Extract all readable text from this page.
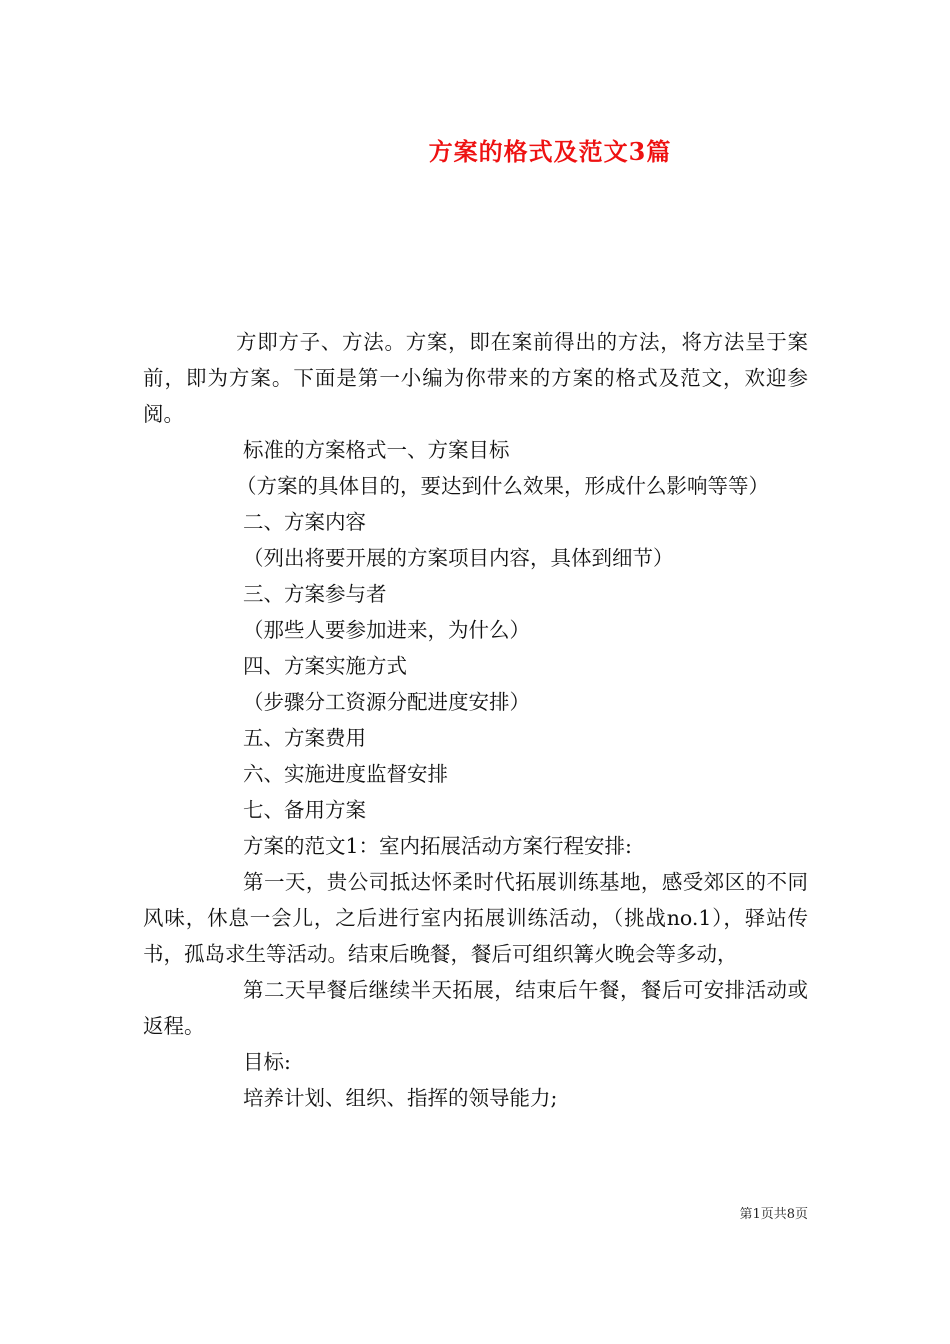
方案的格式及范文3篇

方即方子、方法。方案，即在案前得出的方法，将方法呈于案前，即为方案。下面是第一小编为你带来的方案的格式及范文，欢迎参阅。

标准的方案格式一、方案目标

（方案的具体目的，要达到什么效果，形成什么影响等等）

二、方案内容

（列出将要开展的方案项目内容，具体到细节）

三、方案参与者

（那些人要参加进来，为什么）

四、方案实施方式

（步骤分工资源分配进度安排）

五、方案费用

六、实施进度监督安排

七、备用方案

方案的范文1：室内拓展活动方案行程安排:

第一天，贵公司抵达怀柔时代拓展训练基地，感受郊区的不同风味，休息一会儿，之后进行室内拓展训练活动，（挑战no.1），驿站传书，孤岛求生等活动。结束后晚餐，餐后可组织篝火晚会等多动，

第二天早餐后继续半天拓展，结束后午餐，餐后可安排活动或返程。

目标:

培养计划、组织、指挥的领导能力;

第1页共8页
